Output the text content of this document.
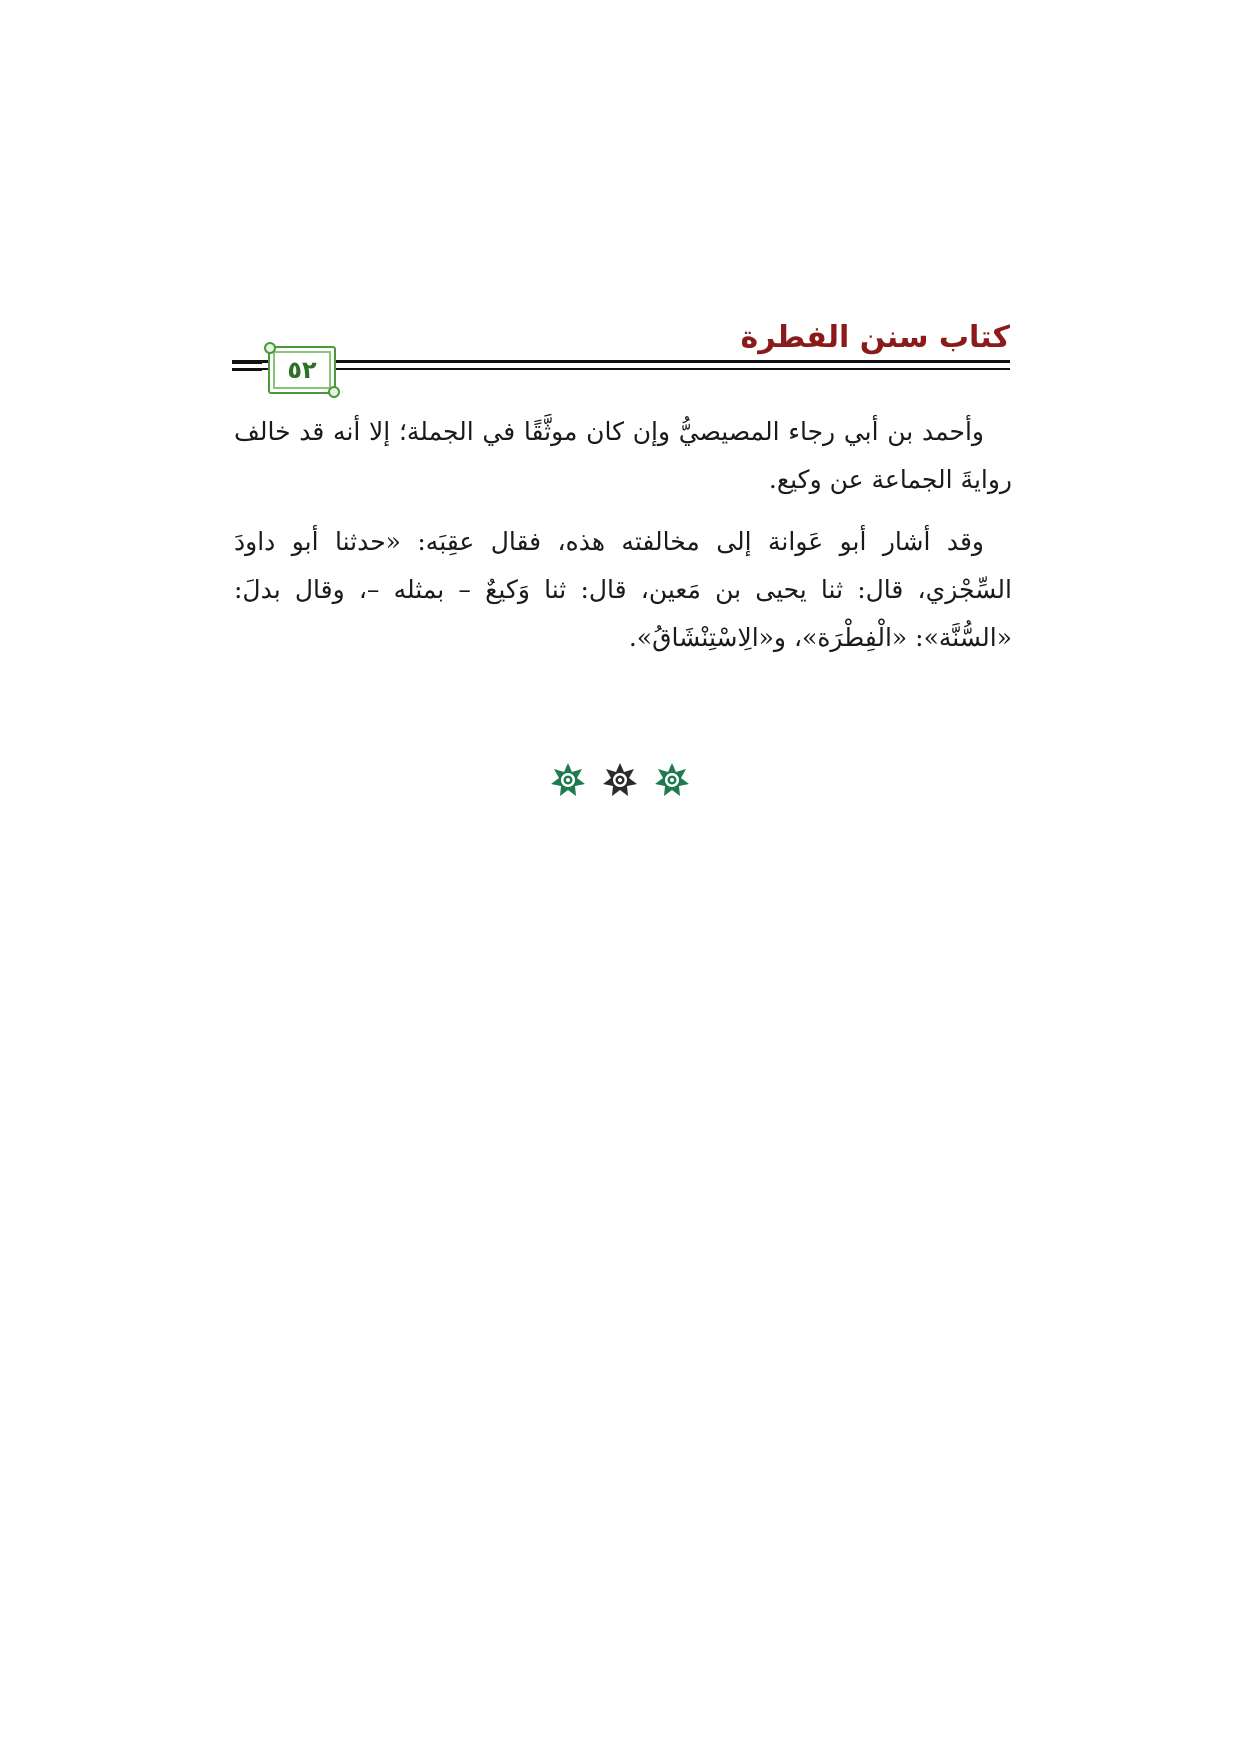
كتاب سنن الفطرة
٥٢

وأحمد بن أبي رجاء المصيصيُّ وإن كان موثَّقًا في الجملة؛ إلا أنه قد خالف روايةَ الجماعة عن وكيع.

وقد أشار أبو عَوانة إلى مخالفته هذه، فقال عقِبَه: «حدثنا أبو داودَ السِّجْزي، قال: ثنا يحيى بن مَعين، قال: ثنا وَكيعٌ – بمثله –، وقال بدلَ: «السُّنَّة»: «الْفِطْرَة»، و«الِاسْتِنْشَاقُ».
